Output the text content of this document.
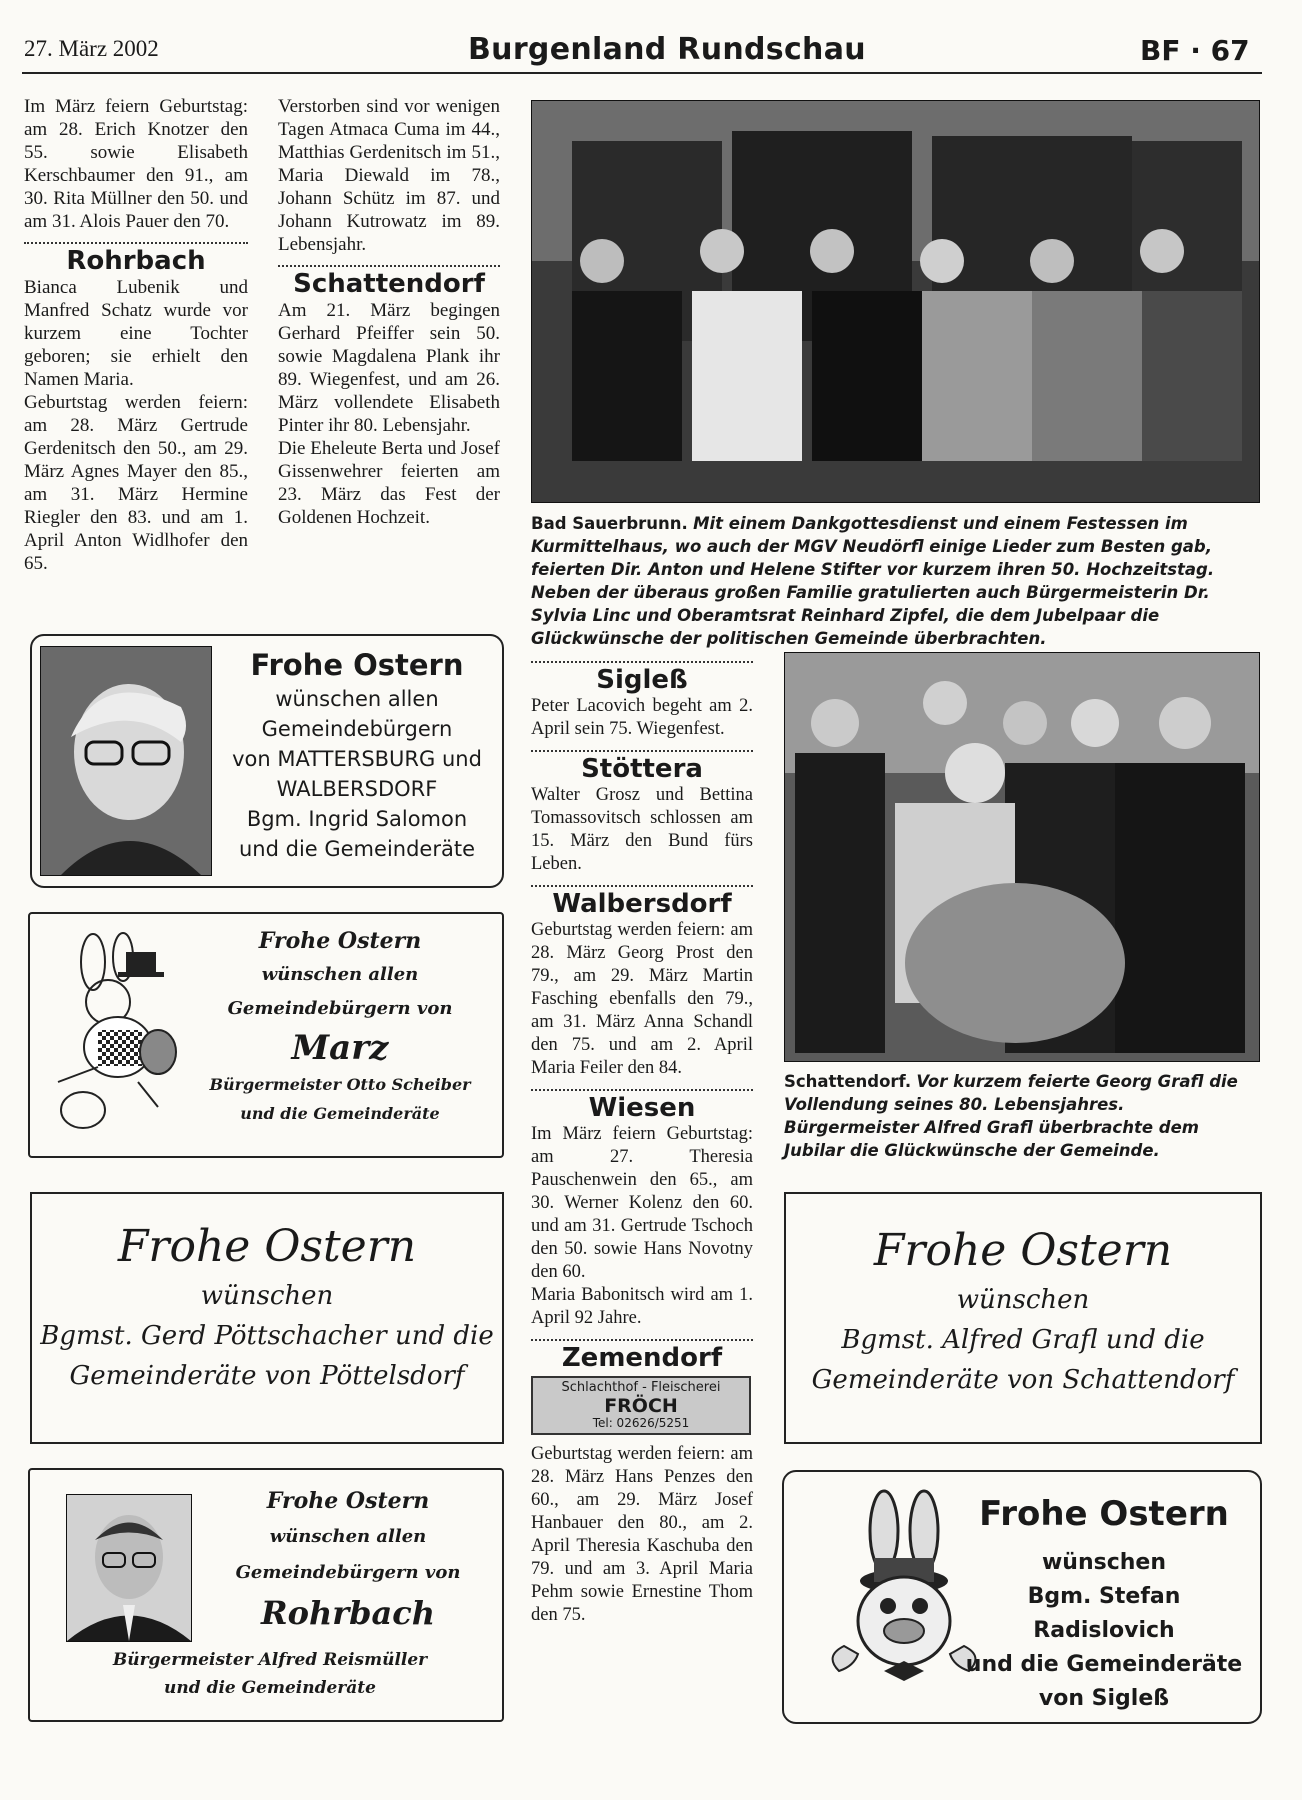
27. März 2002	Burgenland Rundschau	BF · 67

Im März feiern Geburtstag: am 28. Erich Knotzer den 55. sowie Elisabeth Kerschbaumer den 91., am 30. Rita Müllner den 50. und am 31. Alois Pauer den 70.

Rohrbach

Bianca Lubenik und Manfred Schatz wurde vor kurzem eine Tochter geboren; sie erhielt den Namen Maria.

Geburtstag werden feiern: am 28. März Gertrude Gerdenitsch den 50., am 29. März Agnes Mayer den 85., am 31. März Hermine Riegler den 83. und am 1. April Anton Widlhofer den 65.

Verstorben sind vor wenigen Tagen Atmaca Cuma im 44., Matthias Gerdenitsch im 51., Maria Diewald im 78., Johann Schütz im 87. und Johann Kutrowatz im 89. Lebensjahr.

Schattendorf

Am 21. März begingen Gerhard Pfeiffer sein 50. sowie Magdalena Plank ihr 89. Wiegenfest, und am 26. März vollendete Elisabeth Pinter ihr 80. Lebensjahr.

Die Eheleute Berta und Josef Gissenwehrer feierten am 23. März das Fest der Goldenen Hochzeit.	Bad Sauerbrunn. Mit einem Dankgottesdienst und einem Festessen im Kurmittelhaus, wo auch der MGV Neudörfl einige Lieder zum Besten gab, feierten Dir. Anton und Helene Stifter vor kurzem ihren 50. Hochzeitstag. Neben der überaus großen Familie gratulierten auch Bürgermeisterin Dr. Sylvia Linc und Oberamtsrat Reinhard Zipfel, die dem Jubelpaar die Glückwünsche der politischen Gemeinde überbrachten.
Sigleß

Peter Lacovich begeht am 2. April sein 75. Wiegenfest.

Stöttera

Walter Grosz und Bettina Tomassovitsch schlossen am 15. März den Bund fürs Leben.

Walbersdorf

Geburtstag werden feiern: am 28. März Georg Prost den 79., am 29. März Martin Fasching ebenfalls den 79., am 31. März Anna Schandl den 75. und am 2. April Maria Feiler den 84.

Wiesen

Im März feiern Geburtstag: am 27. Theresia Pauschenwein den 65., am 30. Werner Kolenz den 60. und am 31. Gertrude Tschoch den 50. sowie Hans Novotny den 60.

Maria Babonitsch wird am 1. April 92 Jahre.

Zemendorf
Schlachthof - Fleischerei
FRÖCH
Tel: 02626/5251

Geburtstag werden feiern: am 28. März Hans Penzes den 60., am 29. März Josef Hanbauer den 80., am 2. April Theresia Kaschuba den 79. und am 3. April Maria Pehm sowie Ernestine Thom den 75.

Schattendorf. Vor kurzem feierte Georg Grafl die Vollendung seines 80. Lebensjahres. Bürgermeister Alfred Grafl überbrachte dem Jubilar die Glückwünsche der Gemeinde.
Frohe Ostern
wünschen allen
Gemeindebürgern
von MATTERSBURG und
WALBERSDORF
Bgm. Ingrid Salomon
und die Gemeinderäte
Frohe Ostern
wünschen allen
Gemeindebürgern von
Marz
Bürgermeister Otto Scheiber
und die Gemeinderäte
Frohe Ostern
wünschen
Bgmst. Gerd Pöttschacher und die
Gemeinderäte von Pöttelsdorf
Frohe Ostern
wünschen allen
Gemeindebürgern von
Rohrbach
Bürgermeister Alfred Reismüller
und die Gemeinderäte
Frohe Ostern
wünschen
Bgmst. Alfred Grafl und die
Gemeinderäte von Schattendorf
Frohe Ostern
wünschen
Bgm. Stefan Radislovich
und die Gemeinderäte
von Sigleß
